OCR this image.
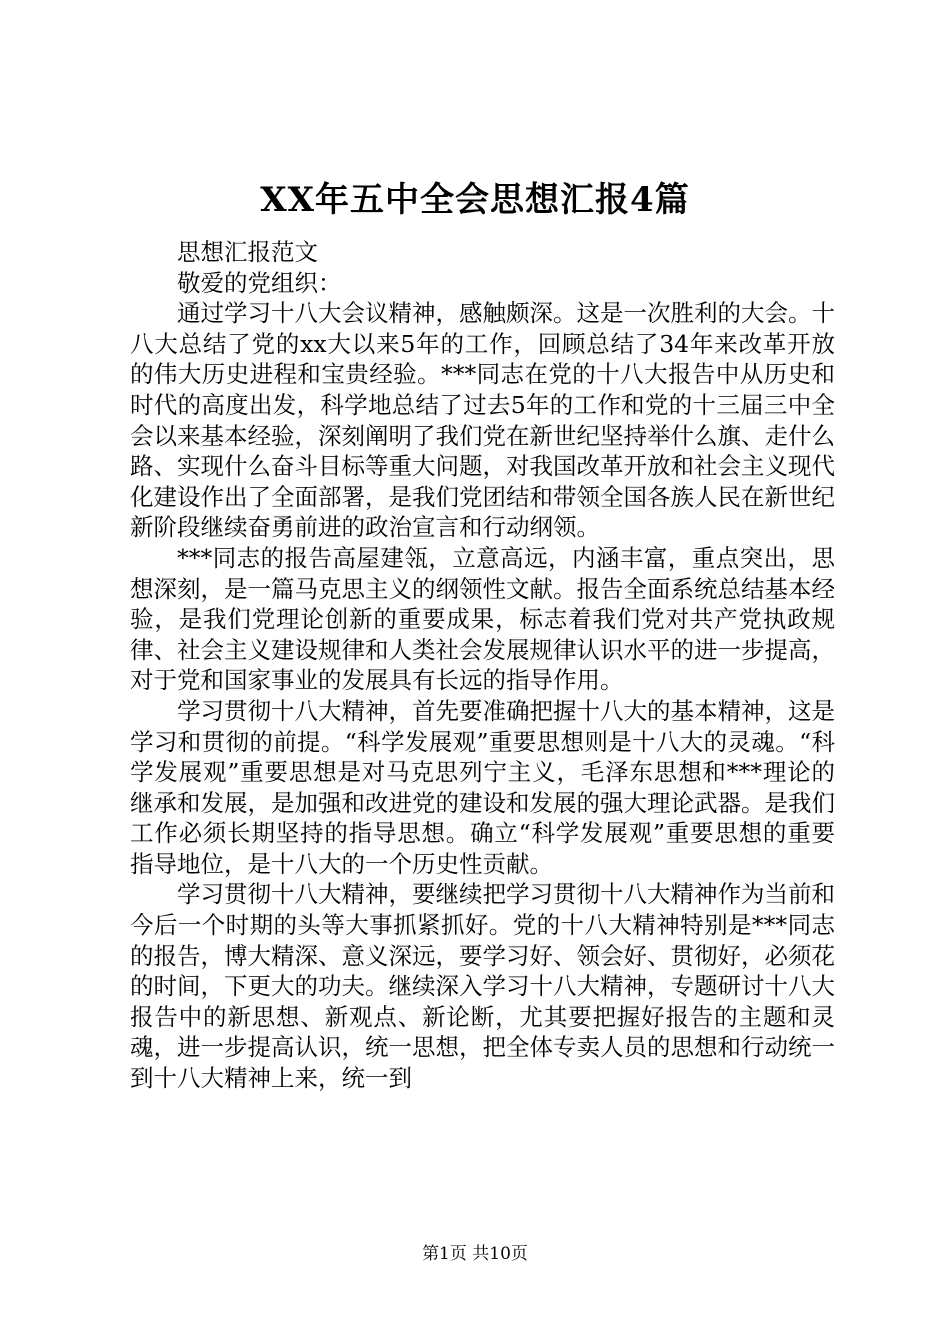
XX年五中全会思想汇报4篇

思想汇报范文

敬爱的党组织：

通过学习十八大会议精神，感触颇深。这是一次胜利的大会。十八大总结了党的xx大以来5年的工作，回顾总结了34年来改革开放的伟大历史进程和宝贵经验。***同志在党的十八大报告中从历史和时代的高度出发，科学地总结了过去5年的工作和党的十三届三中全会以来基本经验，深刻阐明了我们党在新世纪坚持举什么旗、走什么路、实现什么奋斗目标等重大问题，对我国改革开放和社会主义现代化建设作出了全面部署，是我们党团结和带领全国各族人民在新世纪新阶段继续奋勇前进的政治宣言和行动纲领。

***同志的报告高屋建瓴，立意高远，内涵丰富，重点突出，思想深刻，是一篇马克思主义的纲领性文献。报告全面系统总结基本经验，是我们党理论创新的重要成果，标志着我们党对共产党执政规律、社会主义建设规律和人类社会发展规律认识水平的进一步提高，对于党和国家事业的发展具有长远的指导作用。

学习贯彻十八大精神，首先要准确把握十八大的基本精神，这是学习和贯彻的前提。“科学发展观”重要思想则是十八大的灵魂。“科学发展观”重要思想是对马克思列宁主义，毛泽东思想和***理论的继承和发展，是加强和改进党的建设和发展的强大理论武器。是我们工作必须长期坚持的指导思想。确立“科学发展观”重要思想的重要指导地位，是十八大的一个历史性贡献。

学习贯彻十八大精神，要继续把学习贯彻十八大精神作为当前和今后一个时期的头等大事抓紧抓好。党的十八大精神特别是***同志的报告，博大精深、意义深远，要学习好、领会好、贯彻好，必须花的时间，下更大的功夫。继续深入学习十八大精神，专题研讨十八大报告中的新思想、新观点、新论断，尤其要把握好报告的主题和灵魂，进一步提高认识，统一思想，把全体专卖人员的思想和行动统一到十八大精神上来，统一到

第1页 共10页
